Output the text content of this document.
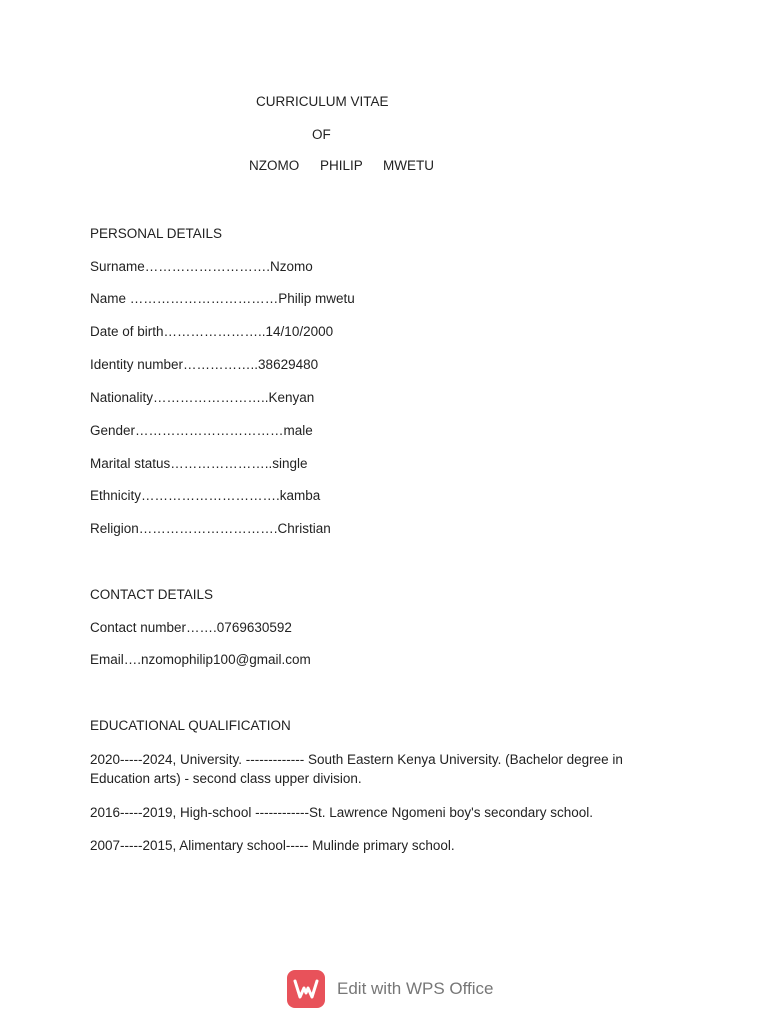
CURRICULUM VITAE
OF
NZOMO	PHILIP	MWETU
PERSONAL DETAILS
Surname……………………….Nzomo
Name ……………………………Philip mwetu
Date of birth…………………..14/10/2000
Identity number……………..38629480
Nationality……………………..Kenyan
Gender……………………………male
Marital status…………………..single
Ethnicity………………………….kamba
Religion………………………….Christian
CONTACT DETAILS
Contact number…….0769630592
Email….nzomophilip100@gmail.com
EDUCATIONAL QUALIFICATION
2020-----2024, University. ------------- South Eastern Kenya University. (Bachelor degree in Education arts) - second class upper division.
2016-----2019, High-school ------------St. Lawrence Ngomeni boy's secondary school.
2007-----2015, Alimentary school----- Mulinde primary school.
Edit with WPS Office
